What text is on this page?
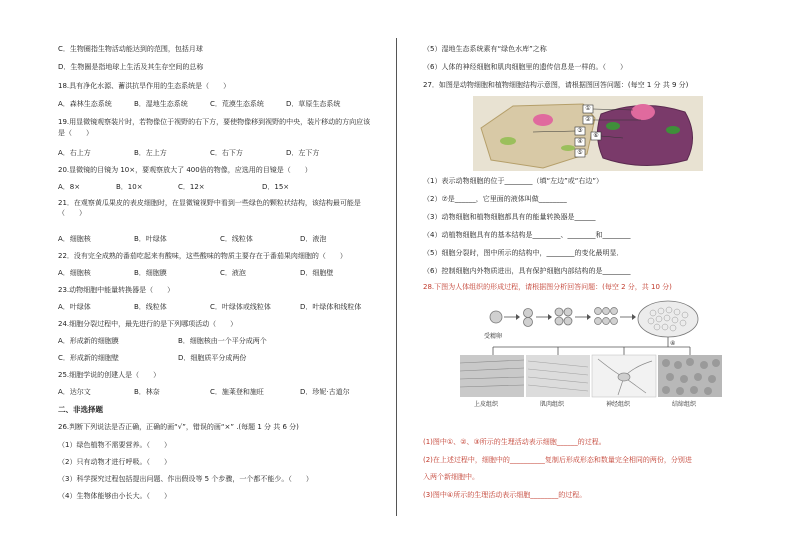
C．生物圈指生物活动能达到的范围，包括月球
D．生物圈是指地球上生活及其生存空间的总称
18.具有净化水源、蓄洪抗旱作用的生态系统是（　　）
A．森林生态系统	B．湿地生态系统	C．荒漠生态系统	D．草原生态系统
19.用显微镜观察装片时，若物像位于视野的右下方，要使物像移到视野的中央，装片移动的方向应该
是（　　）
A．右上方	B．左上方	C．右下方	D．左下方
20.显微镜的目镜为 10×，要观察放大了 400倍的物像，应选用的目镜是（　　）
A．8×	B．10×	C．12×	D．15×
21．在观察黄瓜果皮的表皮细胞时，在显微镜视野中看到一些绿色的颗粒状结构，该结构最可能是
（　　）
A．细胞核	B．叶绿体	C．线粒体	D．液泡
22．没有完全成熟的番茄吃起来有酸味，这些酸味的物质主要存在于番茄果肉细胞的（　　）
A．细胞核	B．细胞膜	C．液泡	D．细胞壁
23.动物细胞中能量转换器是（　　）
A．叶绿体	B．线粒体	C．叶绿体或线粒体	D．叶绿体和线粒体
24.细胞分裂过程中，最先进行的是下列哪项活动（　　）
A．形成新的细胞膜	B．细胞核由一个平分成两个
C．形成新的细胞壁	D．细胞质平分成两份
25.细胞学说的创建人是（　　）
A．达尔文	B．林奈	C．施莱登和施旺	D．珍妮·古道尔
二、非选择题
26.判断下列说法是否正确，正确的画“√”，错误的画“×” .(每题 1 分 共 6 分)
（1）绿色植物不需要营养。（　　）
（2）只有动物才进行呼吸。（　　）
（3）科学探究过程包括提出问题、作出假设等 5 个步骤，一个都不能少。（　　）
（4）生物体能够由小长大。（　　）
（5）湿地生态系统素有“绿色水库”之称
（6）人体的神经细胞和肌肉细胞里的遗传信息是一样的。（　　）
27．如图是动物细胞和植物细胞结构示意图，请根据图回答问题：(每空 1 分 共 9 分)
①
②
③
④
⑤
⑥
（1）表示动物细胞的位于________（填“左边”或“右边”）
（2）⑦是______，它里面的液体叫做________
（3）动物细胞和植物细胞都具有的能量转换器是______
（4）动植物细胞具有的基本结构是________、________和________
（5）细胞分裂时，图中所示的结构中，________的变化最明显．
（6）控制细胞内外物质进出，具有保护细胞内部结构的是________
28.下图为人体组织的形成过程，请根据图分析回答问题：(每空 2 分，共 10 分)
受精卵
④
上皮组织	肌肉组织	神经组织	结缔组织
(1)图中①、②、③所示的生理活动表示细胞______的过程。
(2)在上述过程中，细胞中的__________复制后形成形态和数量完全相同的两份，分别进
入两个新细胞中。
(3)图中④所示的生理活动表示细胞________的过程。
